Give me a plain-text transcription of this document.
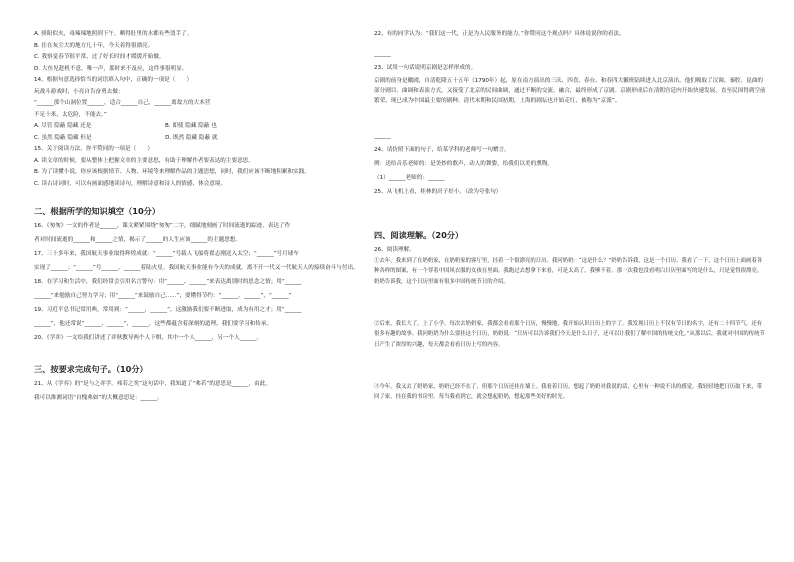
A. 骄阳似火，毒辣辣地照到下午，晒得肚里的水都有些烫手了。

B. 住在灰尘大的地方几十年，今天着得很漂亮。

C. 我察觉春节很平常，过了好长时间才缓缓开始做。

D. 大鱼见趁机不意，唯一声，那时来不及应，这件事很明显。

14、根据句意选择恰当的词语填入句中，正确的一项是（　　）

玩战斗游戏时，小亮自告奋勇去做：

“______那个山洞位置______，适合______自己，______离故方的大本营

不足十米，太危险，不能去。”

A. 尽管 隐蔽 隐藏 还是	B. 即使 隐藏 隐蔽 也

C. 虽然 隐蔽 隐藏 但是	D. 既然 隐藏 隐蔽 就

15、关于阅读方法，你不赞同的一项是（　　）

A. 读文章的时候，要从整体上把握文章的主要意思，有助于理解作者要表达的主要意思。

B. 为了读懂小说，你应该根据情节、人物、环境等来理解作品的主题思想，同时，我们应该不断地积累和实践。

C. 读古诗词时，可以有画面感地读诗句，理解诗意和诗人的情感，体会意境。

二、根据所学的知识填空（10分）

16、《匆匆》一文的作者是______，课文紧紧围绕“匆匆”二字，细腻地刻画了时间流逝的踪迹，表达了作

者对时间流逝的______和______之情，揭示了______的人生应该______的主题思想。

17、三十多年来，我国航天事业取得辉煌成就：“______”号载人飞船将翟志刚送入太空；“______”号月球车

实现了______；“______”号______，______着陆火星。我国航天事业能有今天的成就，离不开一代又一代航天人的接续奋斗与付出。

18、在学习和生活中，我们经常会引用名言警句：用“______，______”来表达离别时的思念之情；用“______

______”来勉励自己努力学习；用“______”来鼓励自己......”；要懂得节约：“______，______”，“______”

19、习近平总书记常用典，常用到：“______，______”，这激励我们要不断进取，成为有用之才；用“______

______”，他还常说“______，______”，______，这些都蕴含着深刻的道理，我们要学习和传承。

20、《学弈》一文给我们讲述了弈秋教导两个人下棋，其中一个人______，另一个人______。

三、按要求完成句子。（10分）

21、从《学弈》的“是与之弈学，弗若之矣”这句话中，我知道了“弗若”的意思是______，由此，

我可以推测词语“自愧弗如”的大概意思是：______。

22、有的同学认为：“我们这一代，正是为人民服务的能力。”你赞同这个观点吗？具体说说你的看法。

______

23、试用一句话说明京剧是怎样形成的。

京剧的前身是徽剧，自清乾隆五十五年（1790年）起，原在南方演出的三庆、四喜、春台、和春四大徽班陆续进入北京演出，他们吸取了汉调、秦腔、昆曲的部分剧目、曲调和表演方式，又接受了北京的民间曲调，通过不断的交流、融合，最终形成了京剧。京剧形成后在清朝宫廷内开始快速发展，直至民国得到空前繁荣，现已成为中国最主要的剧种。清代末期和民国初期，上海的剧坛也开始走红，被称为“京派”。

______

24、请仿照下面的句子，给某学科的老师写一句赠言。

例：送给音乐老师的：是美妙的歌声，动人的舞姿，给我们以美的熏陶。

（1）______老师的：______

25、从飞机上看，桂林的房子好小。（改为夸张句）

四、阅读理解。（20分）

26、阅读理解。

①去年，我来到了在奶奶家，在奶奶家的客厅里，挂着一个很漂亮的日历。我问奶奶：“这是什么？”奶奶告诉我，这是一个日历。我看了一下，这个日历上面画着各种各样的图案，有一个穿着中国风衣服的女孩在里面。我跑过去想拿下来看，可是太高了，我够不着，那一次我也没看明白日历里面写的是什么，只是觉得很漂亮。奶奶告诉我，这个日历里面有很多中国传统节日的介绍。

②后来，我长大了，上了小学，每次去奶奶家，我都会看看那个日历，慢慢地，我开始认识日历上的字了。我发现日历上不仅有节日的名字，还有二十四节气，还有很多有趣的故事。我问奶奶为什么要挂这个日历，奶奶说：“日历可以告诉我们今天是什么日子，还可以让我们了解中国的传统文化。”从那以后，我就对中国的传统节日产生了浓厚的兴趣，每天都会看看日历上写的内容。

③今年，我又去了奶奶家，奶奶已经不在了，但那个日历还挂在墙上。我看着日历，想起了奶奶对我说的话，心里有一种说不出的感觉。我轻轻地把日历取下来，带回了家，挂在我的书房里。每当我看到它，就会想起奶奶，想起那些美好的时光。
